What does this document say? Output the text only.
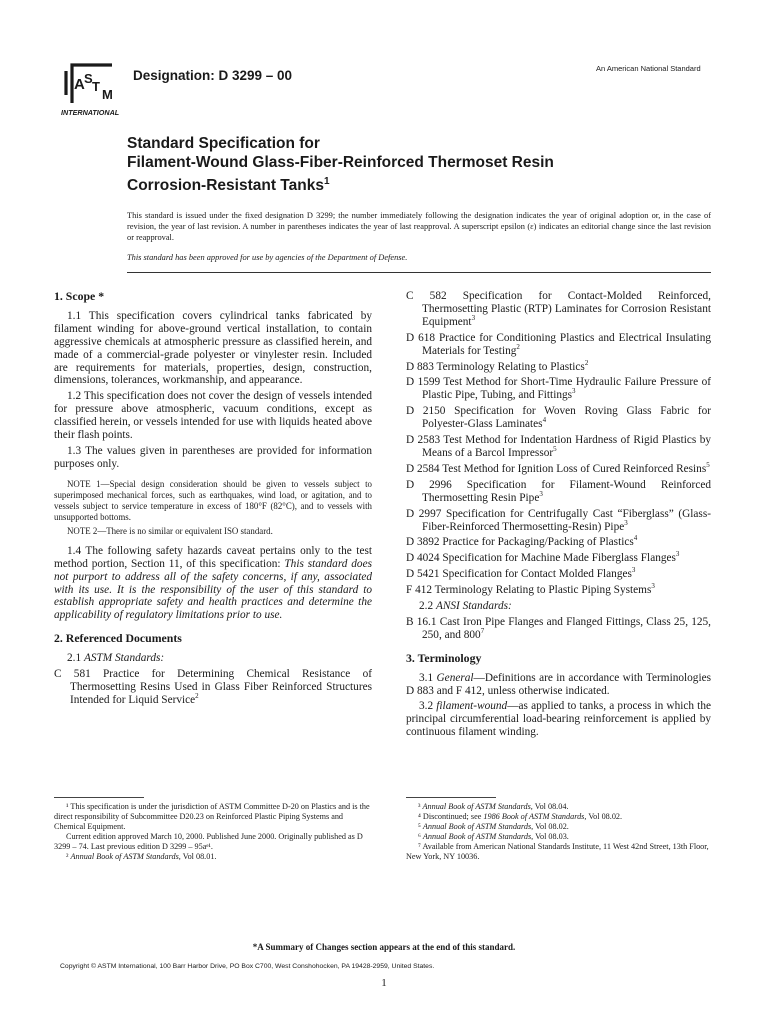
A S
T
M
INTERNATIONAL
Designation: D 3299 – 00	An American National Standard
Standard Specification for
Filament-Wound Glass-Fiber-Reinforced Thermoset Resin
Corrosion-Resistant Tanks$^1$
This standard is issued under the fixed designation D 3299; the number immediately following the designation indicates the year of original adoption or, in the case of revision, the year of last revision. A number in parentheses indicates the year of last reapproval. A superscript epsilon (ε) indicates an editorial change since the last revision or reapproval.
This standard has been approved for use by agencies of the Department of Defense.

1. Scope *

1.1 This specification covers cylindrical tanks fabricated by filament winding for above-ground vertical installation, to contain aggressive chemicals at atmospheric pressure as classified herein, and made of a commercial-grade polyester or vinylester resin. Included are requirements for materials, properties, design, construction, dimensions, tolerances, workmanship, and appearance.

1.2 This specification does not cover the design of vessels intended for pressure above atmospheric, vacuum conditions, except as classified herein, or vessels intended for use with liquids heated above their flash points.

1.3 The values given in parentheses are provided for information purposes only.

NOTE 1—Special design consideration should be given to vessels subject to superimposed mechanical forces, such as earthquakes, wind load, or agitation, and to vessels subject to service temperature in excess of 180°F (82°C), and to vessels with unsupported bottoms.

NOTE 2—There is no similar or equivalent ISO standard.

1.4 The following safety hazards caveat pertains only to the test method portion, Section 11, of this specification: This standard does not purport to address all of the safety concerns, if any, associated with its use. It is the responsibility of the user of this standard to establish appropriate safety and health practices and determine the applicability of regulatory limitations prior to use.

2. Referenced Documents

2.1 ASTM Standards:

C 581 Practice for Determining Chemical Resistance of Thermosetting Resins Used in Glass Fiber Reinforced Structures Intended for Liquid Service$^2$

C 582 Specification for Contact-Molded Reinforced, Thermosetting Plastic (RTP) Laminates for Corrosion Resistant Equipment$^3$

D 618 Practice for Conditioning Plastics and Electrical Insulating Materials for Testing$^2$

D 883 Terminology Relating to Plastics$^2$

D 1599 Test Method for Short-Time Hydraulic Failure Pressure of Plastic Pipe, Tubing, and Fittings$^3$

D 2150 Specification for Woven Roving Glass Fabric for Polyester-Glass Laminates$^4$

D 2583 Test Method for Indentation Hardness of Rigid Plastics by Means of a Barcol Impressor$^5$

D 2584 Test Method for Ignition Loss of Cured Reinforced Resins$^5$

D 2996 Specification for Filament-Wound Reinforced Thermosetting Resin Pipe$^3$

D 2997 Specification for Centrifugally Cast “Fiberglass” (Glass-Fiber-Reinforced Thermosetting-Resin) Pipe$^3$

D 3892 Practice for Packaging/Packing of Plastics$^4$

D 4024 Specification for Machine Made Fiberglass Flanges$^3$

D 5421 Specification for Contact Molded Flanges$^3$

F 412 Terminology Relating to Plastic Piping Systems$^3$

2.2 ANSI Standards:

B 16.1 Cast Iron Pipe Flanges and Flanged Fittings, Class 25, 125, 250, and $800^7$

3. Terminology

3.1 General—Definitions are in accordance with Terminologies D 883 and F 412, unless otherwise indicated.

3.2 filament-wound—as applied to tanks, a process in which the principal circumferential load-bearing reinforcement is applied by continuous filament winding.

¹ This specification is under the jurisdiction of ASTM Committee D-20 on Plastics and is the direct responsibility of Subcommittee D20.23 on Reinforced Plastic Piping Systems and Chemical Equipment.

Current edition approved March 10, 2000. Published June 2000. Originally published as D 3299 – 74. Last previous edition D 3299 – 95aᵉ¹.

² Annual Book of ASTM Standards, Vol 08.01.

³ Annual Book of ASTM Standards, Vol 08.04.

⁴ Discontinued; see 1986 Book of ASTM Standards, Vol 08.02.

⁵ Annual Book of ASTM Standards, Vol 08.02.

⁶ Annual Book of ASTM Standards, Vol 08.03.

⁷ Available from American National Standards Institute, 11 West 42nd Street, 13th Floor, New York, NY 10036.

*A Summary of Changes section appears at the end of this standard.
Copyright © ASTM International, 100 Barr Harbor Drive, PO Box C700, West Conshohocken, PA 19428-2959, United States.
1
